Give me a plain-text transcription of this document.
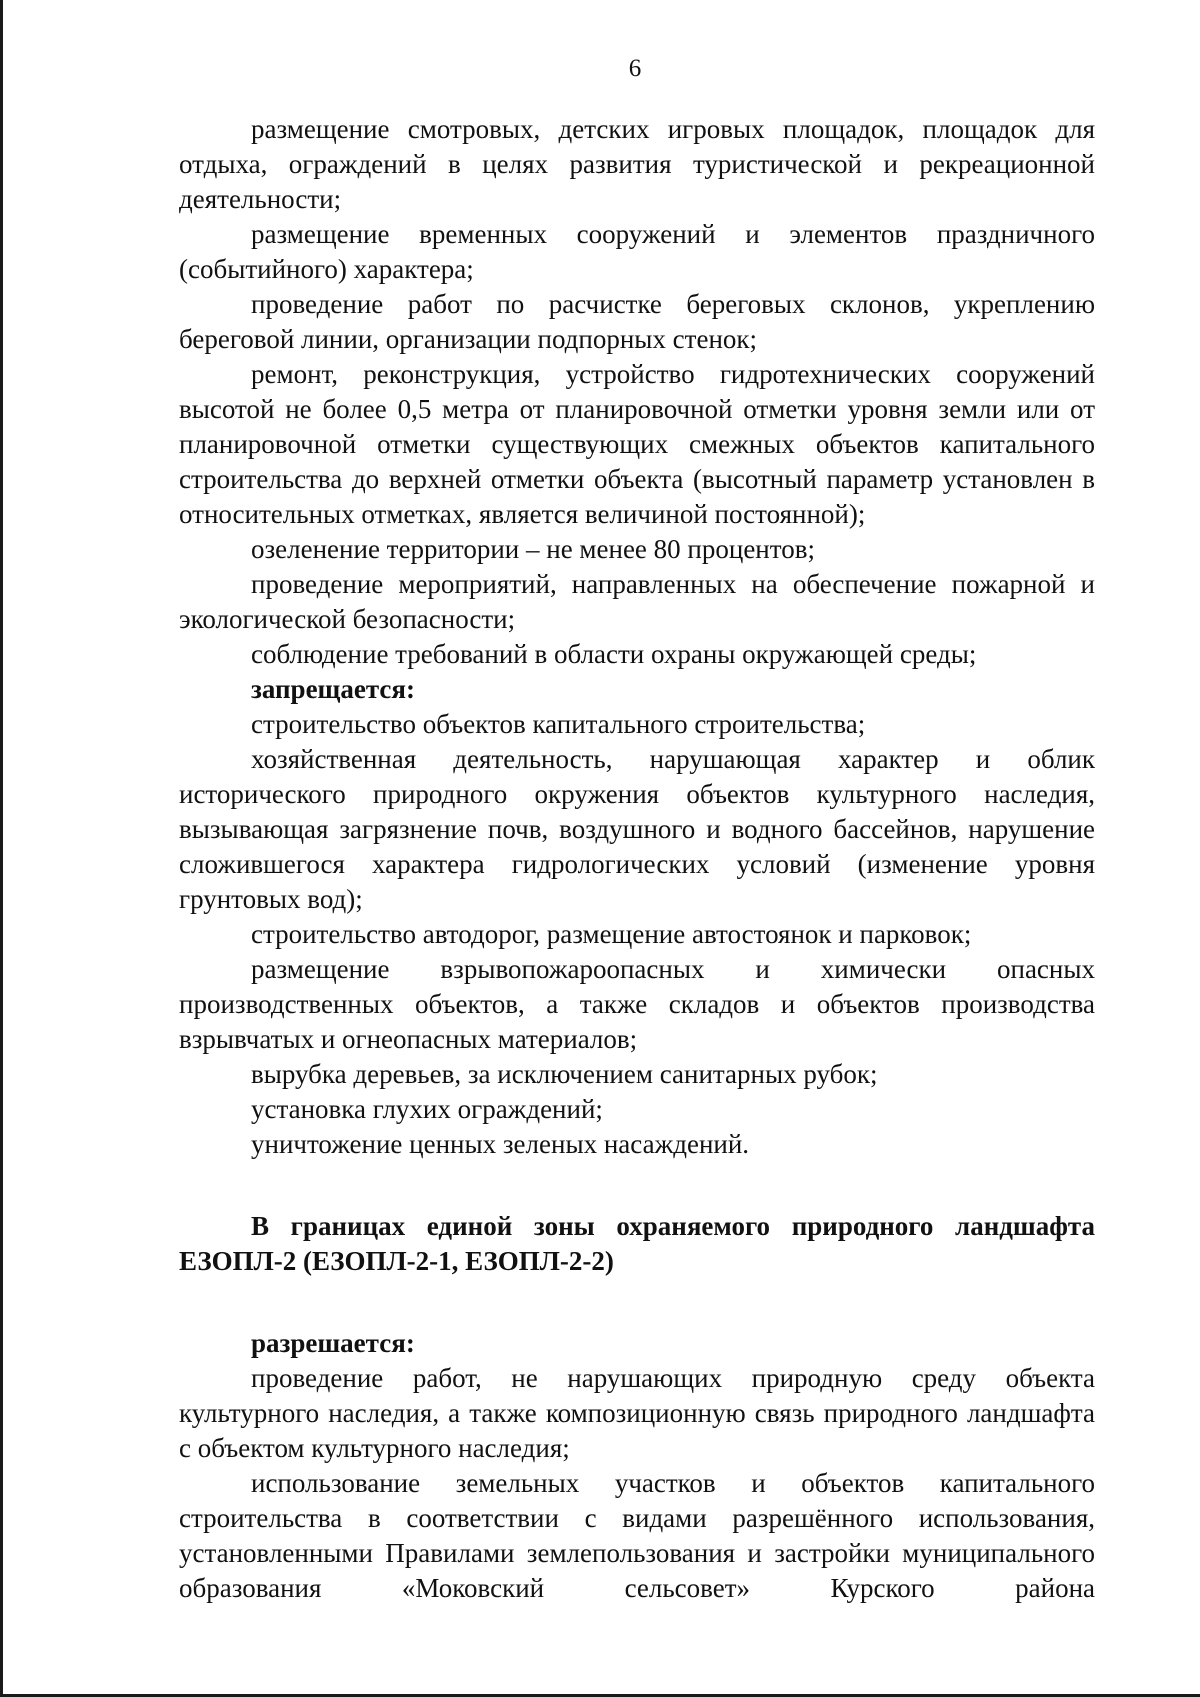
6

размещение смотровых, детских игровых площадок, площадок для отдыха, ограждений в целях развития туристической и рекреационной деятельности;

размещение временных сооружений и элементов праздничного (событийного) характера;

проведение работ по расчистке береговых склонов, укреплению береговой линии, организации подпорных стенок;

ремонт, реконструкция, устройство гидротехнических сооружений высотой не более 0,5 метра от планировочной отметки уровня земли или от планировочной отметки существующих смежных объектов капитального строительства до верхней отметки объекта (высотный параметр установлен в относительных отметках, является величиной постоянной);

озеленение территории – не менее 80 процентов;

проведение мероприятий, направленных на обеспечение пожарной и экологической безопасности;

соблюдение требований в области охраны окружающей среды;

запрещается:

строительство объектов капитального строительства;

хозяйственная деятельность, нарушающая характер и облик исторического природного окружения объектов культурного наследия, вызывающая загрязнение почв, воздушного и водного бассейнов, нарушение сложившегося характера гидрологических условий (изменение уровня грунтовых вод);

строительство автодорог, размещение автостоянок и парковок;

размещение взрывопожароопасных и химически опасных производственных объектов, а также складов и объектов производства взрывчатых и огнеопасных материалов;

вырубка деревьев, за исключением санитарных рубок;

установка глухих ограждений;

уничтожение ценных зеленых насаждений.

В границах единой зоны охраняемого природного ландшафта ЕЗОПЛ-2 (ЕЗОПЛ-2-1, ЕЗОПЛ-2-2)

разрешается:

проведение работ, не нарушающих природную среду объекта культурного наследия, а также композиционную связь природного ландшафта с объектом культурного наследия;

использование земельных участков и объектов капитального строительства в соответствии с видами разрешённого использования, установленными Правилами землепользования и застройки муниципального образования «Моковский сельсовет» Курского района
